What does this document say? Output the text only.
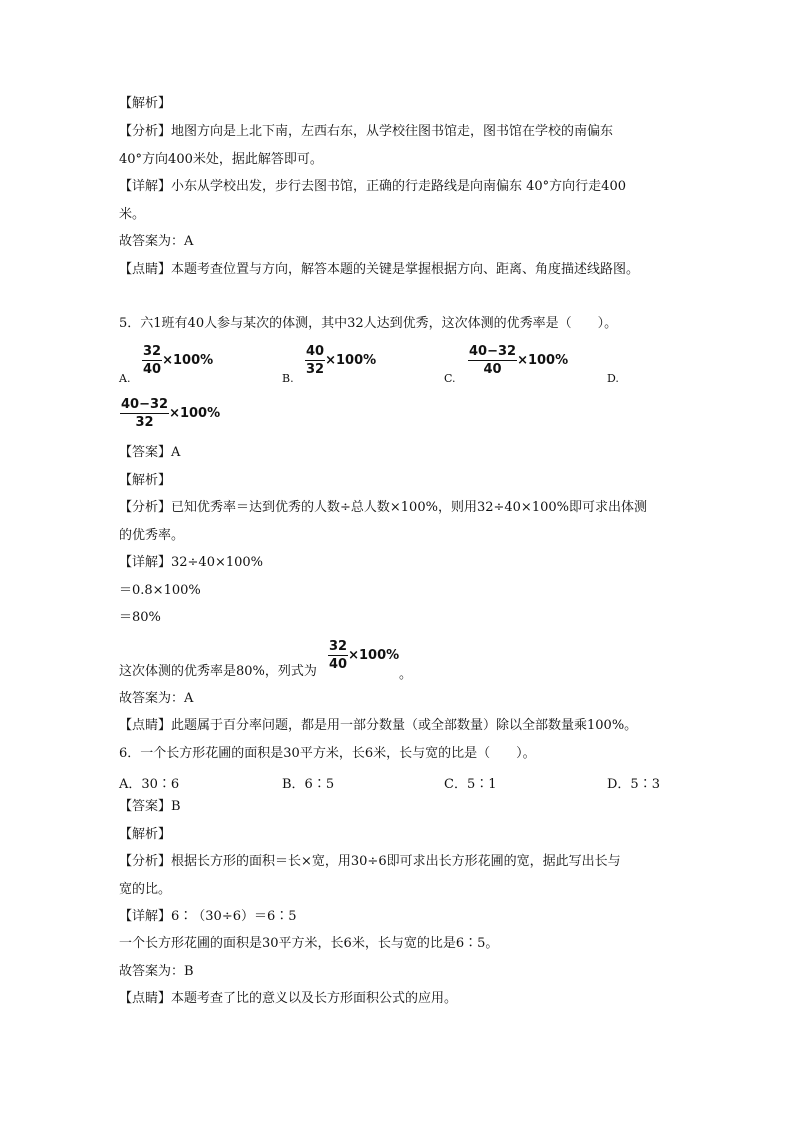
【解析】
【分析】地图方向是上北下南，左西右东，从学校往图书馆走，图书馆在学校的南偏东
40°方向400米处，据此解答即可。
【详解】小东从学校出发，步行去图书馆，正确的行走路线是向南偏东 40°方向行走400
米。
故答案为：A
【点睛】本题考查位置与方向，解答本题的关键是掌握根据方向、距离、角度描述线路图。
5．六1班有40人参与某次的体测，其中32人达到优秀，这次体测的优秀率是（　　）。
A.
$\frac{32}{40} \times 100\%$
B.
$\frac{40}{32} \times 100\%$
C.
$\frac{40-32}{40} \times 100\%$
D.
$\frac{40-32}{32} \times 100\%$
【答案】A
【解析】
【分析】已知优秀率＝达到优秀的人数÷总人数×100%，则用32÷40×100%即可求出体测
的优秀率。
【详解】32÷40×100%
＝0.8×100%
＝80%
这次体测的优秀率是80%，列式为 $\frac{32}{40} \times 100\%$
。
故答案为：A
【点睛】此题属于百分率问题，都是用一部分数量（或全部数量）除以全部数量乘100%。
6．一个长方形花圃的面积是30平方米，长6米，长与宽的比是（　　）。
A．30∶6	B．6∶5	C．5∶1	D．5∶3
【答案】B
【解析】
【分析】根据长方形的面积＝长×宽，用30÷6即可求出长方形花圃的宽，据此写出长与
宽的比。
【详解】6∶（30÷6）＝6∶5
一个长方形花圃的面积是30平方米，长6米，长与宽的比是6∶5。
故答案为：B
【点睛】本题考查了比的意义以及长方形面积公式的应用。
